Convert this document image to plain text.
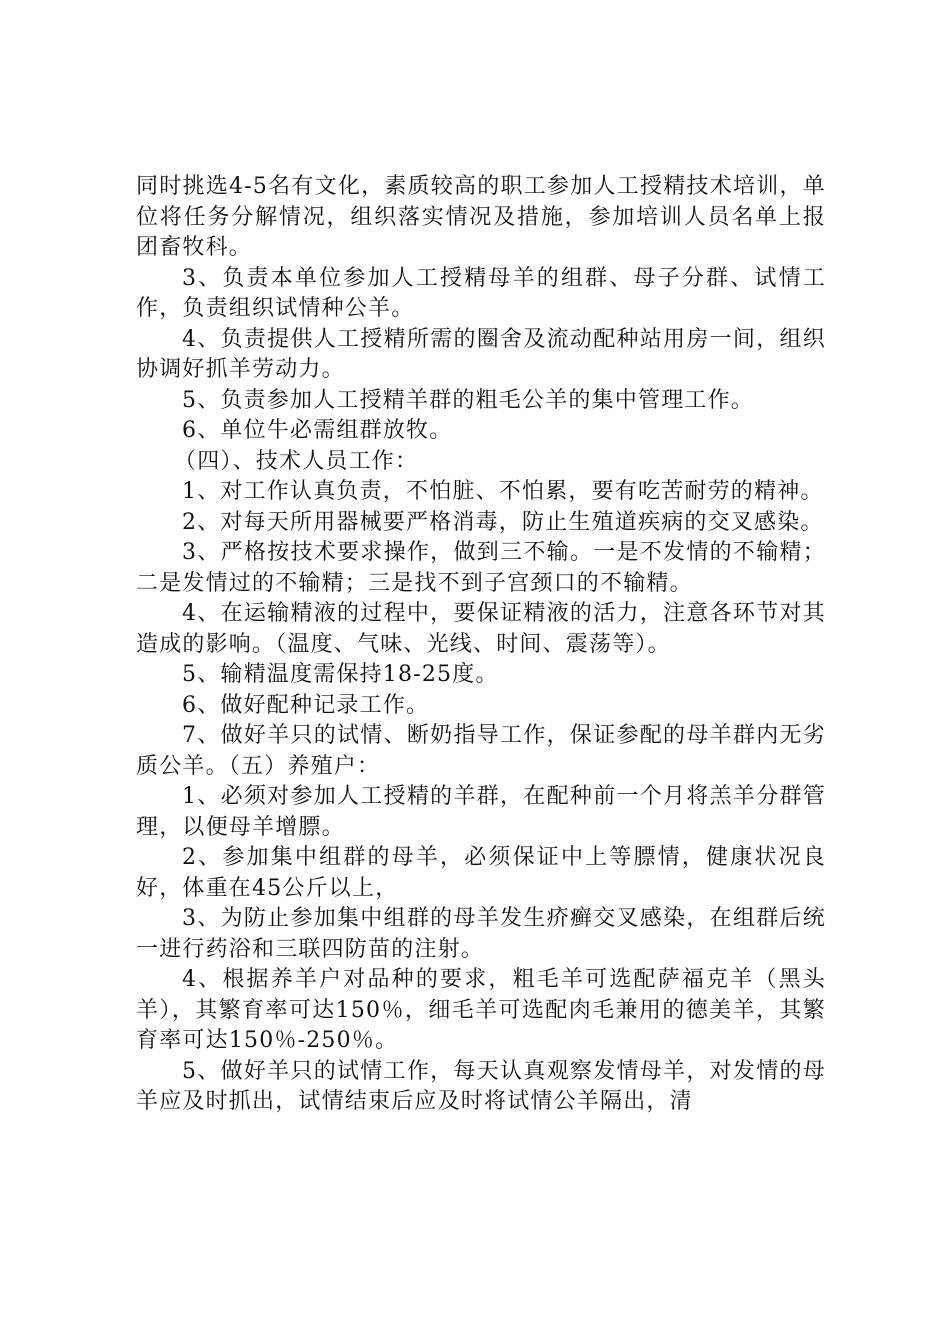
同时挑选4-5名有文化，素质较高的职工参加人工授精技术培训，单位将任务分解情况，组织落实情况及措施，参加培训人员名单上报团畜牧科。

3、负责本单位参加人工授精母羊的组群、母子分群、试情工作，负责组织试情种公羊。

4、负责提供人工授精所需的圈舍及流动配种站用房一间，组织协调好抓羊劳动力。

5、负责参加人工授精羊群的粗毛公羊的集中管理工作。

6、单位牛必需组群放牧。

（四）、技术人员工作：

1、对工作认真负责，不怕脏、不怕累，要有吃苦耐劳的精神。

2、对每天所用器械要严格消毒，防止生殖道疾病的交叉感染。

3、严格按技术要求操作，做到三不输。一是不发情的不输精；二是发情过的不输精；三是找不到子宫颈口的不输精。

4、在运输精液的过程中，要保证精液的活力，注意各环节对其造成的影响。（温度、气味、光线、时间、震荡等）。

5、输精温度需保持18-25度。

6、做好配种记录工作。

7、做好羊只的试情、断奶指导工作，保证参配的母羊群内无劣质公羊。（五）养殖户：

1、必须对参加人工授精的羊群，在配种前一个月将羔羊分群管理，以便母羊增膘。

2、参加集中组群的母羊，必须保证中上等膘情，健康状况良好，体重在45公斤以上，

3、为防止参加集中组群的母羊发生疥癣交叉感染，在组群后统一进行药浴和三联四防苗的注射。

4、根据养羊户对品种的要求，粗毛羊可选配萨福克羊（黑头羊），其繁育率可达150％，细毛羊可选配肉毛兼用的德美羊，其繁育率可达150％-250％。

5、做好羊只的试情工作，每天认真观察发情母羊，对发情的母羊应及时抓出，试情结束后应及时将试情公羊隔出，清
